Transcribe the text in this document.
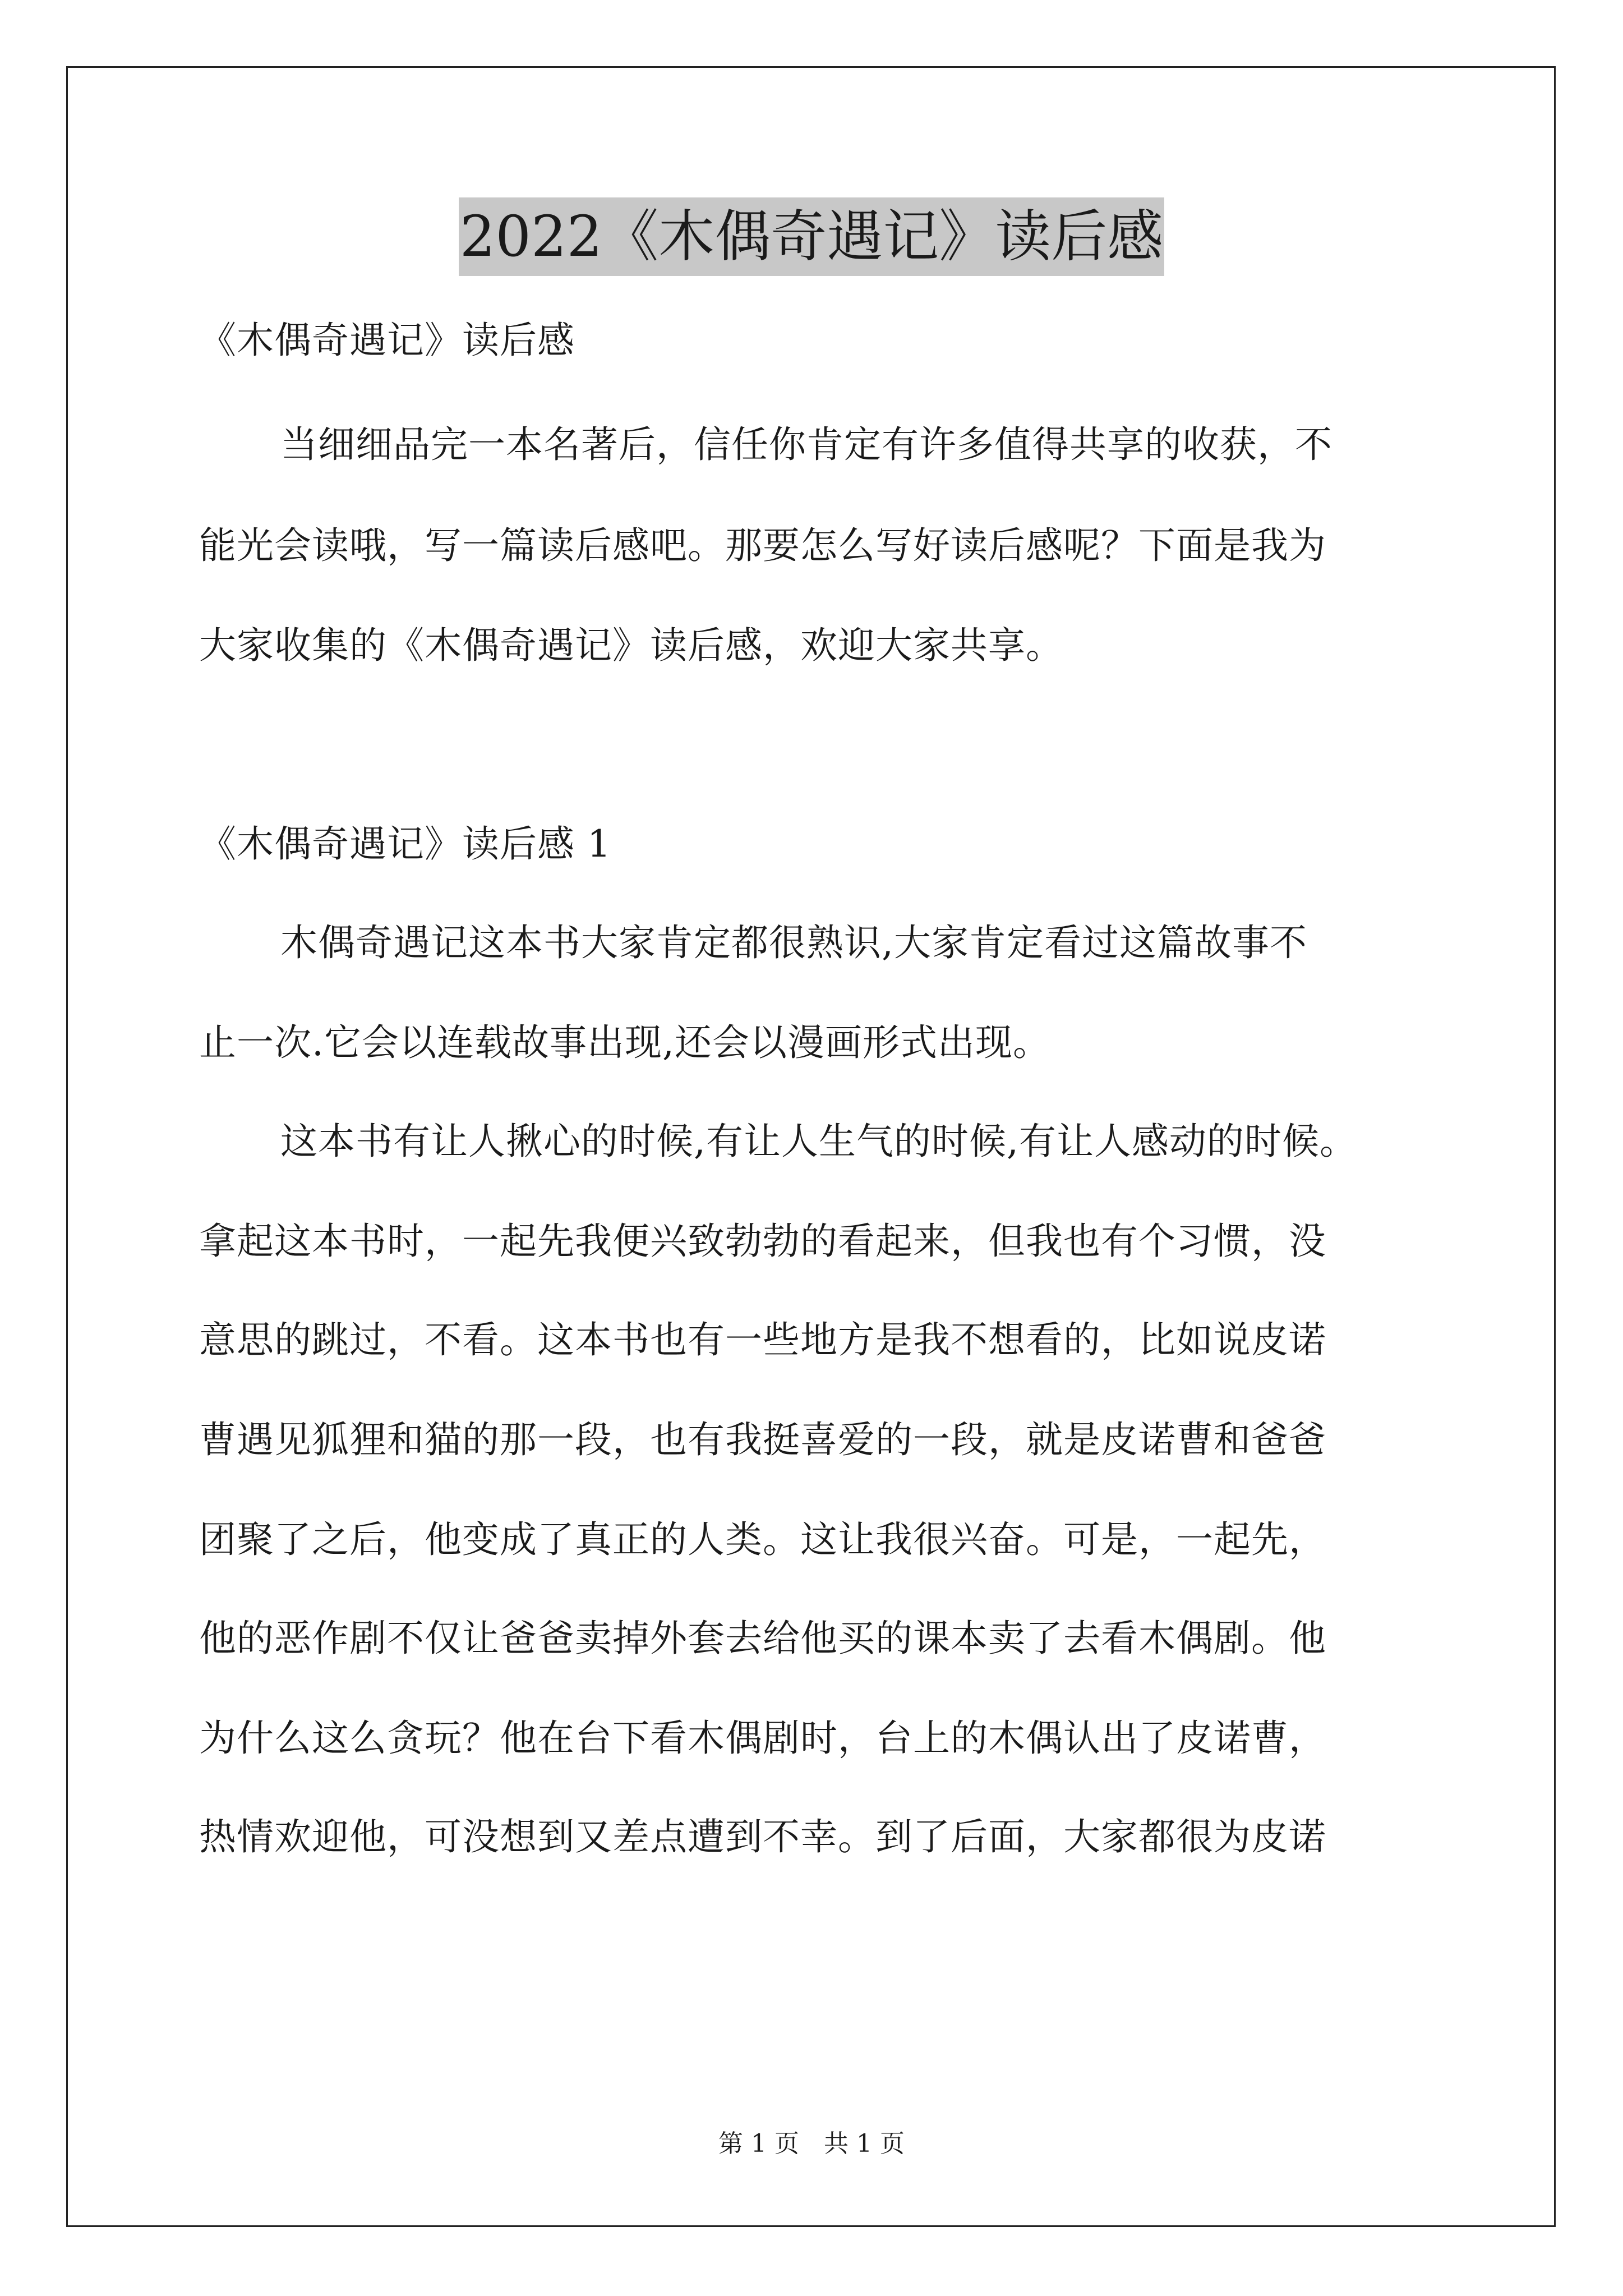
2022《木偶奇遇记》读后感
《木偶奇遇记》读后感
当细细品完一本名著后，信任你肯定有许多值得共享的收获，不
能光会读哦，写一篇读后感吧。那要怎么写好读后感呢？下面是我为
大家收集的《木偶奇遇记》读后感，欢迎大家共享。
《木偶奇遇记》读后感 1
木偶奇遇记这本书大家肯定都很熟识,大家肯定看过这篇故事不
止一次.它会以连载故事出现,还会以漫画形式出现。
这本书有让人揪心的时候,有让人生气的时候,有让人感动的时候。
拿起这本书时，一起先我便兴致勃勃的看起来，但我也有个习惯，没
意思的跳过，不看。这本书也有一些地方是我不想看的，比如说皮诺
曹遇见狐狸和猫的那一段，也有我挺喜爱的一段，就是皮诺曹和爸爸
团聚了之后，他变成了真正的人类。这让我很兴奋。可是，一起先，
他的恶作剧不仅让爸爸卖掉外套去给他买的课本卖了去看木偶剧。他
为什么这么贪玩？他在台下看木偶剧时，台上的木偶认出了皮诺曹，
热情欢迎他，可没想到又差点遭到不幸。到了后面，大家都很为皮诺
第 1 页　共 1 页
